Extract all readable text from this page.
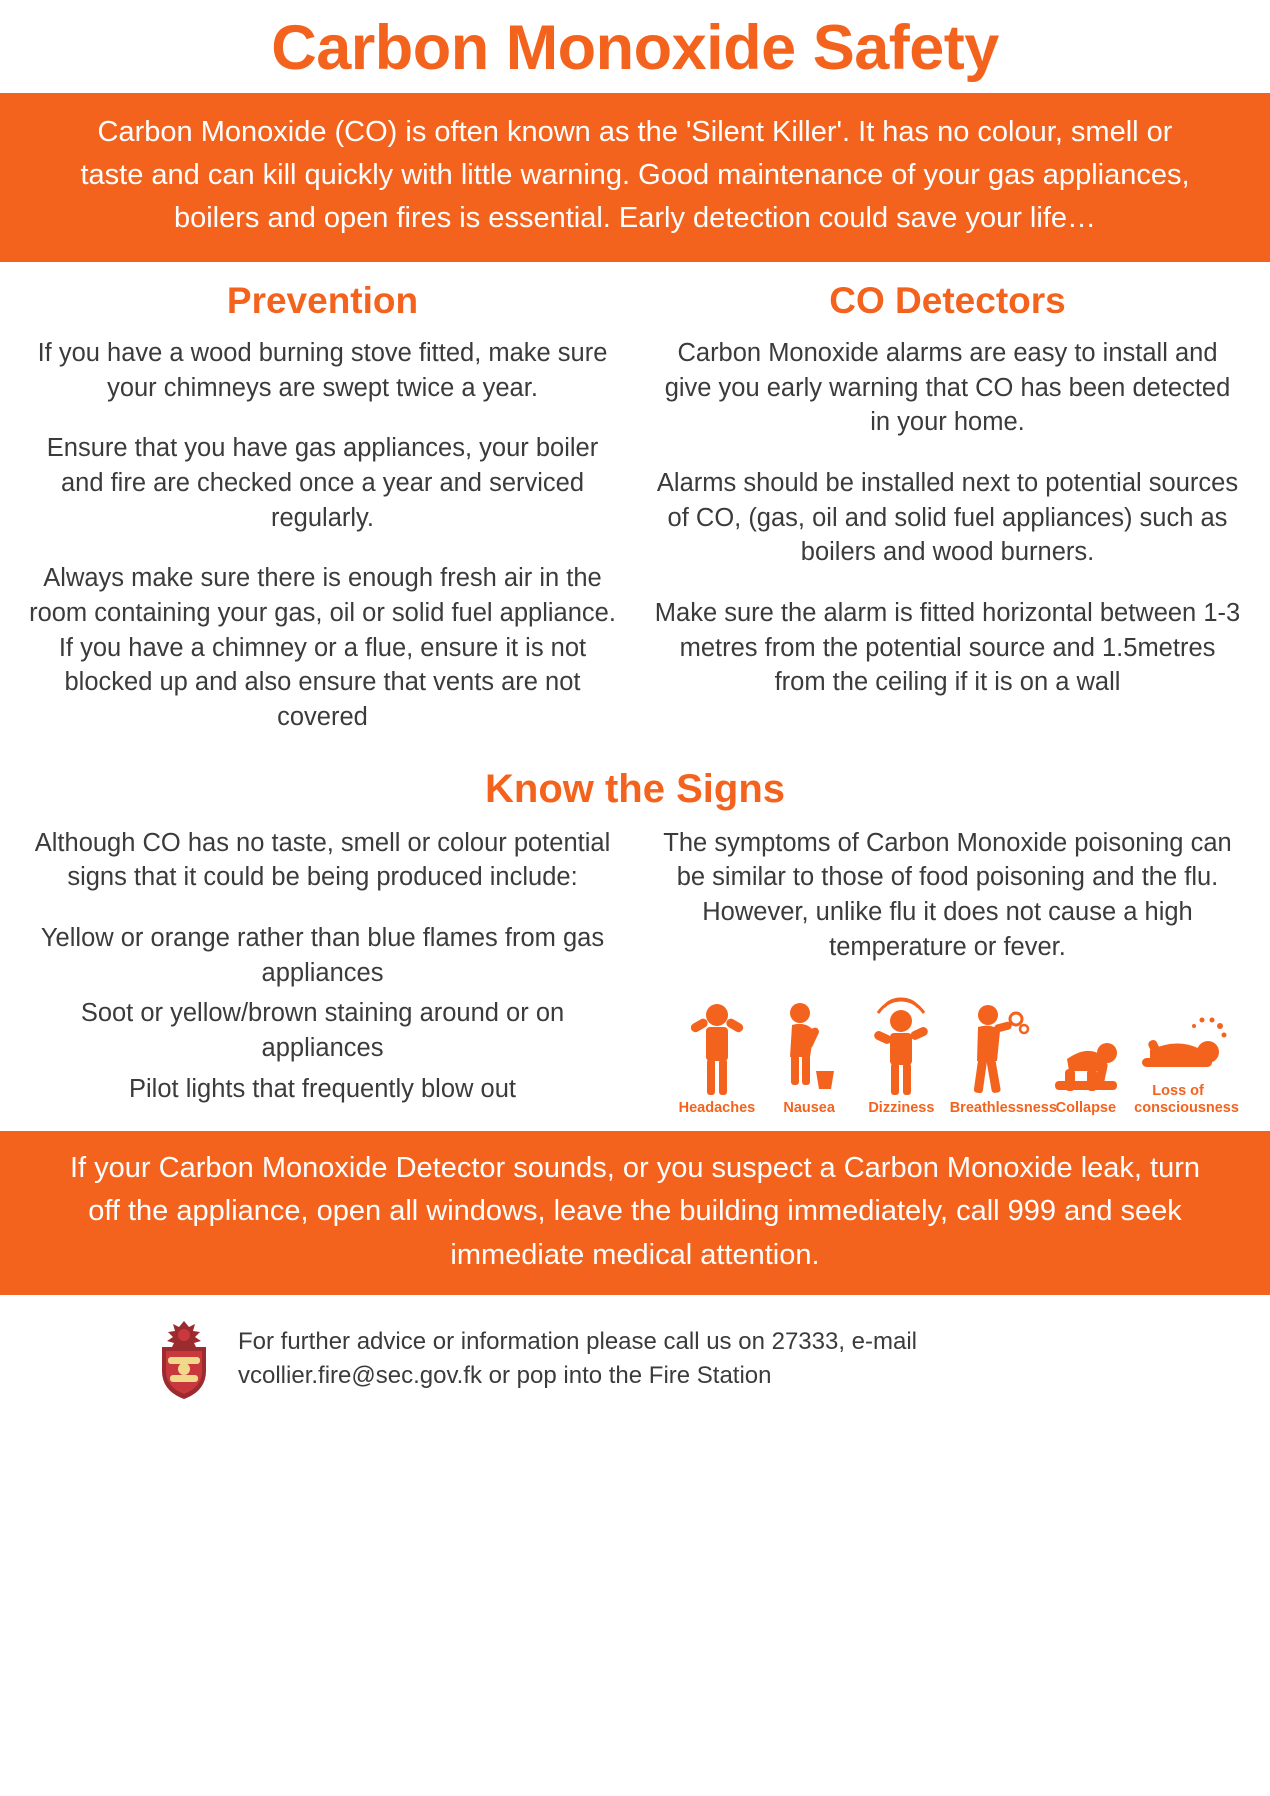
Carbon Monoxide Safety
Carbon Monoxide (CO) is often known as the 'Silent Killer'. It has no colour, smell or taste and can kill quickly with little warning. Good maintenance of your gas appliances, boilers and open fires is essential. Early detection could save your life…
Prevention

If you have a wood burning stove fitted, make sure your chimneys are swept twice a year.

Ensure that you have gas appliances, your boiler and fire are checked once a year and serviced regularly.

Always make sure there is enough fresh air in the room containing your gas, oil or solid fuel appliance. If you have a chimney or a flue, ensure it is not blocked up and also ensure that vents are not covered

CO Detectors

Carbon Monoxide alarms are easy to install and give you early warning that CO has been detected in your home.

Alarms should be installed next to potential sources of CO, (gas, oil and solid fuel appliances) such as boilers and wood burners.

Make sure the alarm is fitted horizontal between 1-3 metres from the potential source and 1.5metres from the ceiling if it is on a wall

Know the Signs

Although CO has no taste, smell or colour potential signs that it could be being produced include:

Yellow or orange rather than blue flames from gas appliances

Soot or yellow/brown staining around or on appliances

Pilot lights that frequently blow out

The symptoms of Carbon Monoxide poisoning can be similar to those of food poisoning and the flu. However, unlike flu it does not cause a high temperature or fever.

Headaches	Nausea	Dizziness	Breathlessness
Collapse
Loss of consciousness
If your Carbon Monoxide Detector sounds, or you suspect a Carbon Monoxide leak, turn off the appliance, open all windows, leave the building immediately, call 999 and seek immediate medical attention.
For further advice or information please call us on 27333, e-mail
vcollier.fire@sec.gov.fk or pop into the Fire Station
